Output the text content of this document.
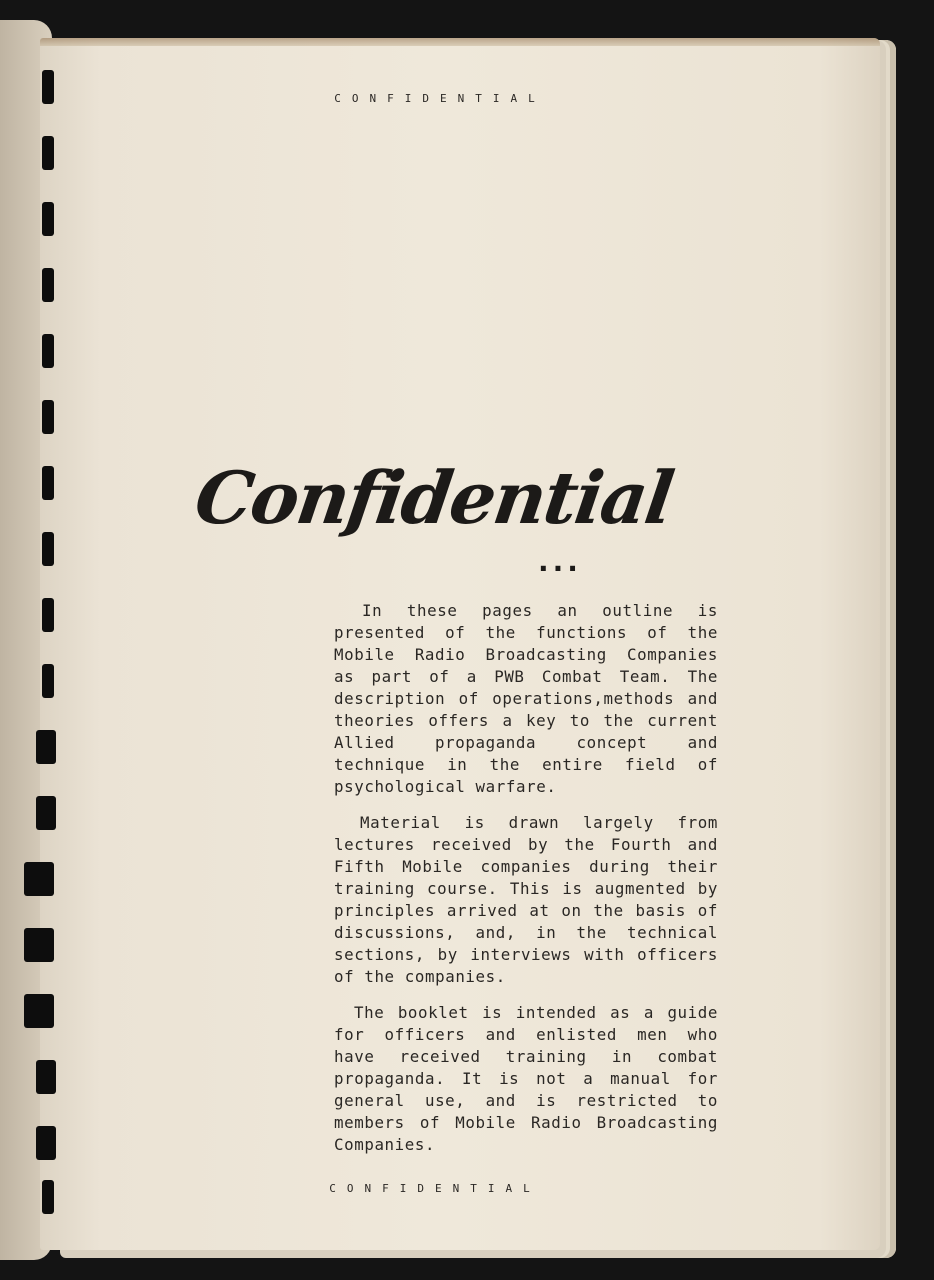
CONFIDENTIAL
Confidential
...

In these pages an outline is presented of the functions of the Mobile Radio Broadcasting Companies as part of a PWB Combat Team. The description of operations,methods and theories offers a key to the current Allied propaganda concept and technique in the entire field of psychological warfare.

Material is drawn largely from lectures received by the Fourth and Fifth Mobile companies during their training course. This is augmented by principles arrived at on the basis of discussions, and, in the technical sections, by interviews with officers of the companies.

The booklet is intended as a guide for officers and enlisted men who have received training in combat propaganda. It is not a manual for general use, and is restricted to members of Mobile Radio Broadcasting Companies.

CONFIDENTIAL
